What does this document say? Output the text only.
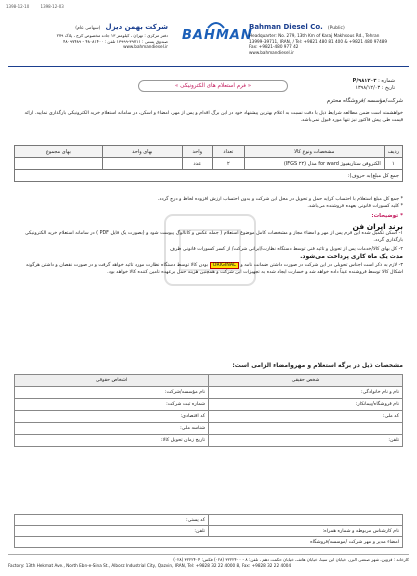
1398-12-10	1398-12-03
شرکت بهمن دیزل (سهامی عام)
دفتر مرکزی : تهران ، کیلومتر ۱۳ جاده مخصوص کرج ، پلاک ۲۷۹
صندوق پستی : ۳۹۷۱۱-۱۳۹۹۹ تلفن : ۴۸۰۸۱۴۰۰ - ۴۸۰۹۷۴۸۹
www.bahmandiesel.ir
BAHMAN
Bahman Diesel Co. (Public)
Headquarter: No. 279, 13th Km of Karaj Makhsous Rd., Tehran
13999-39711, IRAN, / Tel: +9821 480 81 400 & +9821 480 97489
Fax: +9821-480 977 42
www.bahmandiesel.ir
« فرم استعلام های الکترونیکی »
شماره : ۹۸۱۲۰۳/P
تاریخ : ۱۳۹۸/۱۲/۰۳
شرکت/مؤسسه /فروشگاه محترم
خواهشمند است ضمن مطالعه شرایط ذیل با دقت نسبت به اعلام بهترین پیشنهاد خود در این برگ اقدام و پس از مهر، امضاء و اسکن، در سامانه استعلام خرید الکترونیکی بارگذاری نمایید. ارائه قیمت طی پیش فاکتور نیز تنها مورد قبول نمی‌باشد.
ردیف	مشخصات ونوع کالا	تعداد	واحد	بهای واحد	بهای مجموع
۱	الکتروفن ستاریفیوژ for ward مدل (۲۲ IFGS)	۲	عدد		
جمع کل مبلغ(به حروف):					
* جمع کل مبلغ استعلام با احتساب کرایه حمل و تحویل در محل این شرکت و بدون احتساب ارزش افزوده لحاظ و درج گردد.
* کلیه کسورات قانونی بعهده فروشنده می‌باشد.
* توضیحات:
برند ایران فن
۱- اسکن تکمیل شده این فرم پس از مهر و امضاء مجاز و مشخصات کامل موضوع استعلام ( جمله عکس و کاتالوگ پیوست شود و (بصورت یک فایل PDF ) در سامانه استعلام خرید الکترونیکی بارگذاری گردد.
۲- کل بهای کالا/خدمات پس از تحویل و تائید فنی توسط دستگاه نظارت/ایرانی شرکت/ از کسر کسورات قانونی ظرف
مدت یک ماه کاری پرداخت می‌شود.
۳- لازم به ذکر است اجناس تحویلی در این شرکت در صورت داشتن ضمانت نامه و ORIGINAL بودن کالا توسط دستگاه نظارت مورد تائید خواهد گرفت و در صورت نقصان و داشتن هرگونه اشکال کالا توسط فروشنده عیناً داده خواهد شد و خسارت ایجاد شده به تجهیزات این شرکت و همچنین هزینه حمل برعهده تامین کننده کالا خواهد بود.
مشخصات ذیل در برگه استعلام و مهروامضاء الزامی است:
شخص حقیقی	اشخاص حقوقی
نام و نام خانوادگی:	نام مؤسسه/شرکت:
نام فروشگاه/پیمانکار:	شماره ثبت شرکت:
کد ملی:	کد اقتصادی:
	شناسه ملی:
تلفن:	تاریخ زمان تحویل کالا:
	کد پستی:
نام کارشناس مربوطه و شماره همراه:	تلفن:
امضاء مدیر و مهر شرکت /موسسه/فروشگاه	
کارخانه : قزوین، شهر صنعتی البرز، خیابان ابن سینا، خیابان هاتف، خیابان حکمت دهم ، تلفن: ۸ - ۳۲۲۲۴۰۰ (۰۲۸) فکس: ۳۲۲۲۴۰۴ (۰۲۸)
Factory: 13th Hekmat Ave., North Ebn-e-Sina St., Alborz Industrial City, Qazvin, IRAN, Tel: +9828 32 22 4000 8, Fax: +9828 32 22 4004
